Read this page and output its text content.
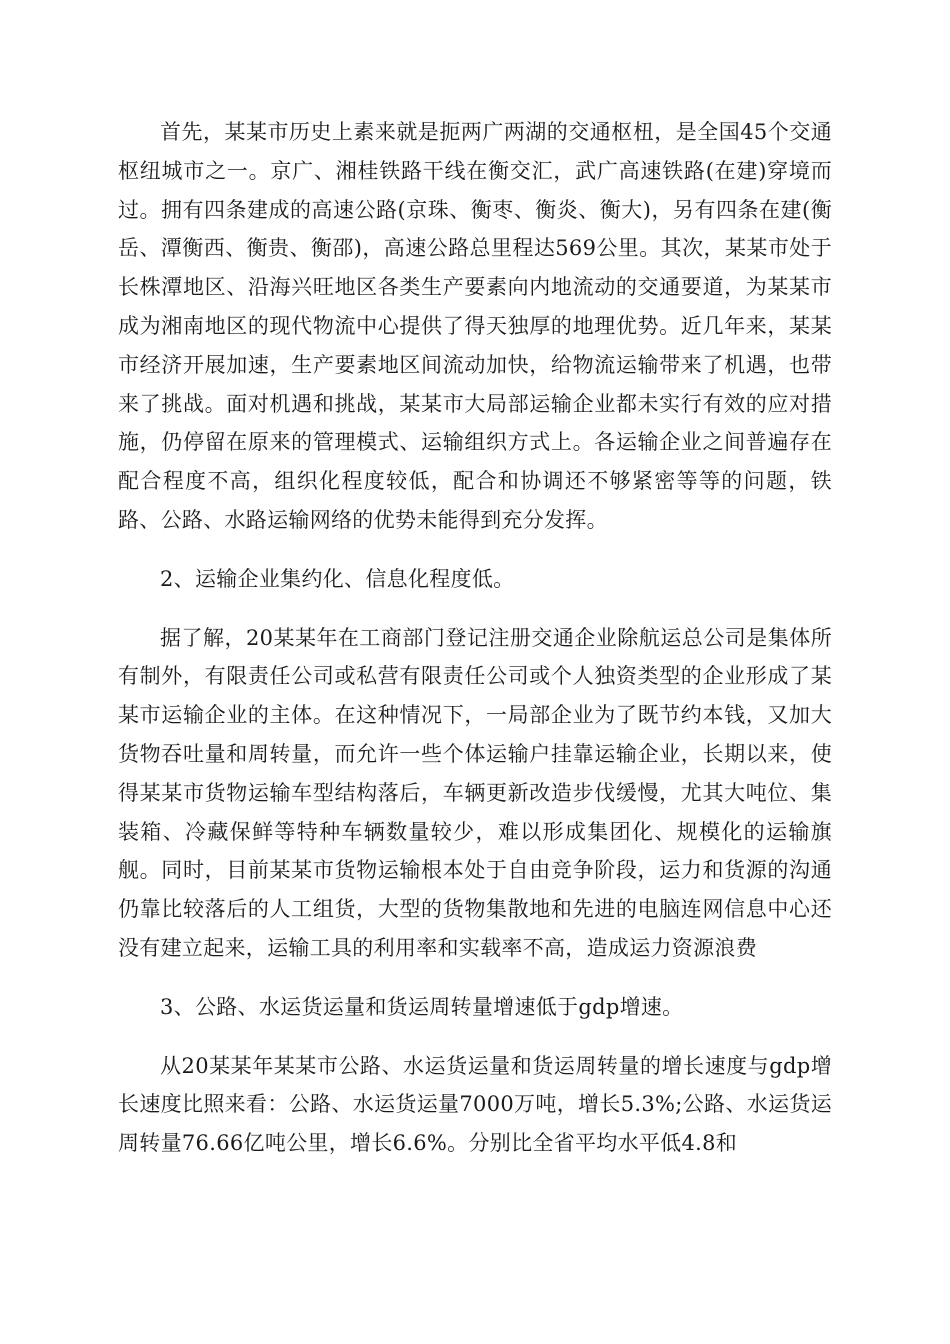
首先，某某市历史上素来就是扼两广两湖的交通枢杻，是全国45个交通枢纽城市之一。京广、湘桂铁路干线在衡交汇，武广高速铁路(在建)穿境而过。拥有四条建成的高速公路(京珠、衡枣、衡炎、衡大)，另有四条在建(衡岳、潭衡西、衡贵、衡邵)，高速公路总里程达569公里。其次，某某市处于长株潭地区、沿海兴旺地区各类生产要素向内地流动的交通要道，为某某市成为湘南地区的现代物流中心提供了得天独厚的地理优势。近几年来，某某市经济开展加速，生产要素地区间流动加快，给物流运输带来了机遇，也带来了挑战。面对机遇和挑战，某某市大局部运输企业都未实行有效的应对措施，仍停留在原来的管理模式、运输组织方式上。各运输企业之间普遍存在配合程度不高，组织化程度较低，配合和协调还不够紧密等等的问题，铁路、公路、水路运输网络的优势未能得到充分发挥。

2、运输企业集约化、信息化程度低。

据了解，20某某年在工商部门登记注册交通企业除航运总公司是集体所有制外，有限责任公司或私营有限责任公司或个人独资类型的企业形成了某某市运输企业的主体。在这种情况下，一局部企业为了既节约本钱，又加大货物吞吐量和周转量，而允许一些个体运输户挂靠运输企业，长期以来，使得某某市货物运输车型结构落后，车辆更新改造步伐缓慢，尤其大吨位、集装箱、冷藏保鲜等特种车辆数量较少，难以形成集团化、规模化的运输旗舰。同时，目前某某市货物运输根本处于自由竞争阶段，运力和货源的沟通仍靠比较落后的人工组货，大型的货物集散地和先进的电脑连网信息中心还没有建立起来，运输工具的利用率和实载率不高，造成运力资源浪费

3、公路、水运货运量和货运周转量增速低于gdp增速。

从20某某年某某市公路、水运货运量和货运周转量的增长速度与gdp增长速度比照来看：公路、水运货运量7000万吨，增长5.3%;公路、水运货运周转量76.66亿吨公里，增长6.6%。分别比全省平均水平低4.8和
